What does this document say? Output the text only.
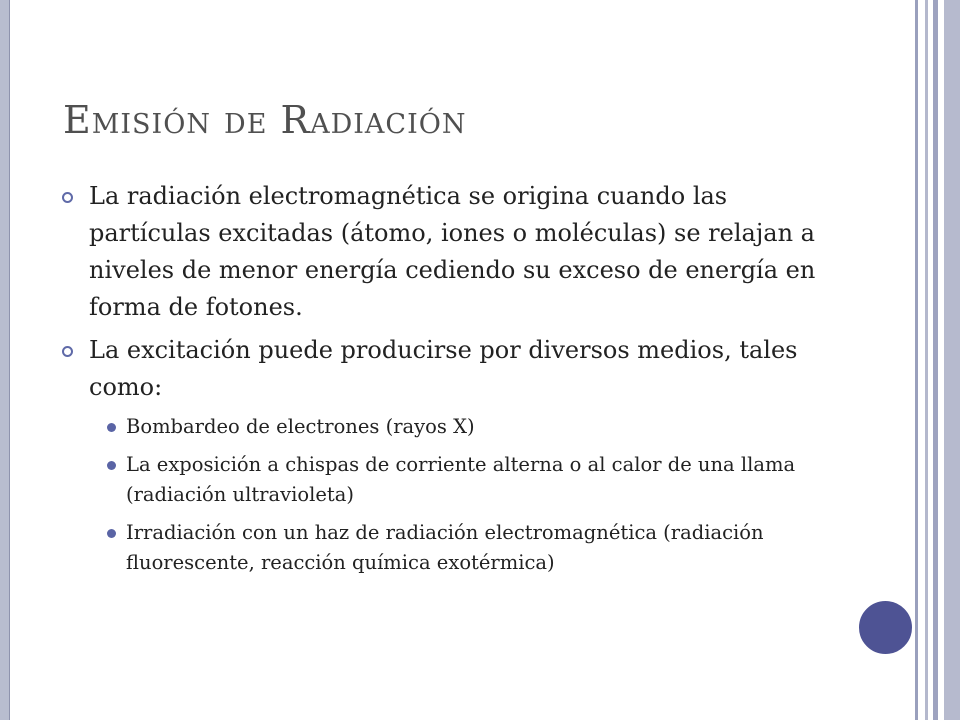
Emisión de Radiación
La radiación electromagnética se origina cuando las partículas excitadas (átomo, iones o moléculas) se relajan a niveles de menor energía cediendo su exceso de energía en forma de fotones.
La excitación puede producirse por diversos medios, tales como:
Bombardeo de electrones (rayos X)
La exposición a chispas de corriente alterna o al calor de una llama (radiación ultravioleta)
Irradiación con un haz de radiación electromagnética (radiación fluorescente, reacción química exotérmica)
